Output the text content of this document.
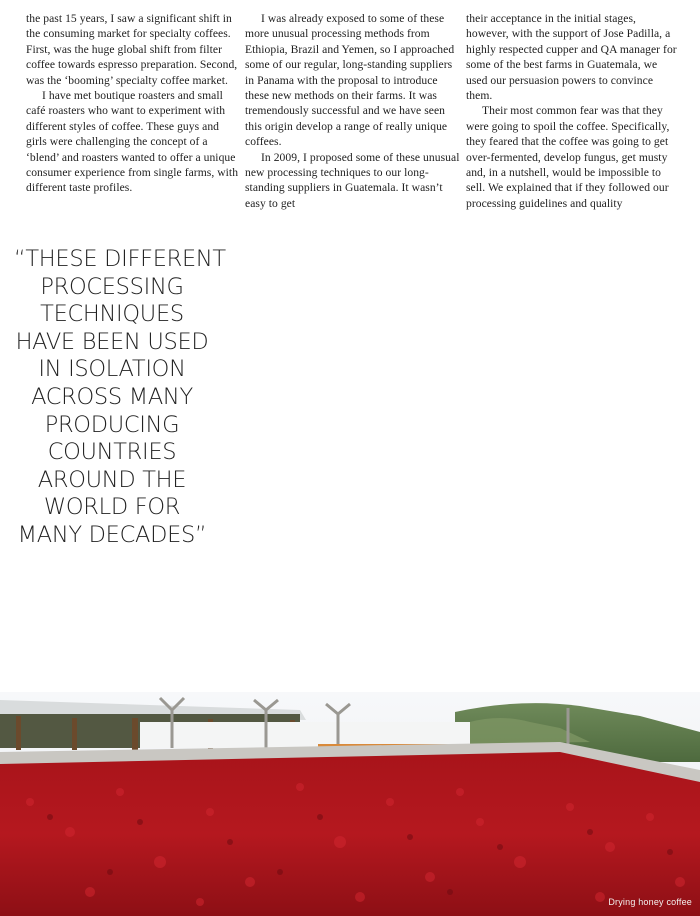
the past 15 years, I saw a significant shift in the consuming market for specialty coffees. First, was the huge global shift from filter coffee towards espresso preparation. Second, was the ‘booming’ specialty coffee market.

I have met boutique roasters and small café roasters who want to experiment with different styles of coffee. These guys and girls were challenging the concept of a ‘blend’ and roasters wanted to offer a unique consumer experience from single farms, with different taste profiles.

I was already exposed to some of these more unusual processing methods from Ethiopia, Brazil and Yemen, so I approached some of our regular, long-standing suppliers in Panama with the proposal to introduce these new methods on their farms. It was tremendously successful and we have seen this origin develop a range of really unique coffees.

In 2009, I proposed some of these unusual new processing techniques to our long-standing suppliers in Guatemala. It wasn’t easy to get

their acceptance in the initial stages, however, with the support of Jose Padilla, a highly respected cupper and QA manager for some of the best farms in Guatemala, we used our persuasion powers to convince them.

Their most common fear was that they were going to spoil the coffee. Specifically, they feared that the coffee was going to get over-fermented, develop fungus, get musty and, in a nutshell, would be impossible to sell. We explained that if they followed our processing guidelines and quality

“THESE DIFFERENT
PROCESSING
TECHNIQUES
HAVE BEEN USED
IN ISOLATION
ACROSS MANY
PRODUCING
COUNTRIES
AROUND THE
WORLD FOR
MANY DECADES”
Drying honey coffee
